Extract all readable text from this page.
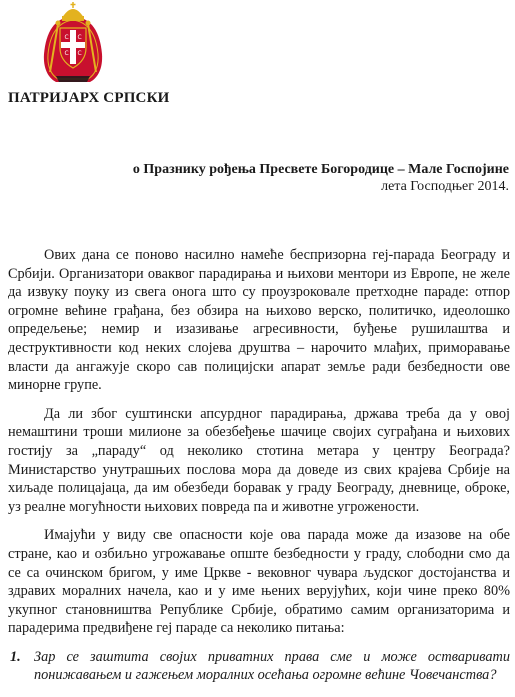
С С
С С
ПАТРИЈАРХ СРПСКИ
о Празнику рођења Пресвете Богородице – Мале Госпојине
лета Господњег 2014.

Ових дана се поново насилно намеће беспризорна геј-парада Београду и Србији. Организатори оваквог парадирања и њихови ментори из Европе, не желе да извуку поуку из свега онога што су проузроковале претходне параде: отпор огромне већине грађана, без обзира на њихово верско, политичко, идеолошко опредељење; немир и изазивање агресивности, буђење рушилаштва и деструктивности код неких слојева друштва – нарочито млађих, приморавање власти да ангажује скоро сав полицијски апарат земље ради безбедности ове минорне групе.

Да ли због суштински апсурдног парадирања, држава треба да у овој немаштини троши милионе за обезбеђење шачице својих суграђана и њихових гостију за „параду“ од неколико стотина метара у центру Београда? Министарство унутрашњих послова мора да доведе из свих крајева Србије на хиљаде полицајаца, да им обезбеди боравак у граду Београду, дневнице, оброке, уз реалне могућности њихових повреда па и животне угрожености.

Имајући у виду све опасности које ова парада може да изазове на обе стране, као и озбиљно угрожавање опште безбедности у граду, слободни смо да се са очинском бригом, у име Цркве - вековног чувара људског достојанства и здравих моралних начела, као и у име њених верујућих, који чине преко 80% укупног становништва Републике Србије, обратимо самим организаторима и парадерима предвиђене геј параде са неколико питања:

1. Зар се заштита својих приватних права сме и може остваривати понижавањем и гажењем моралних осећања огромне већине Човечанства?
